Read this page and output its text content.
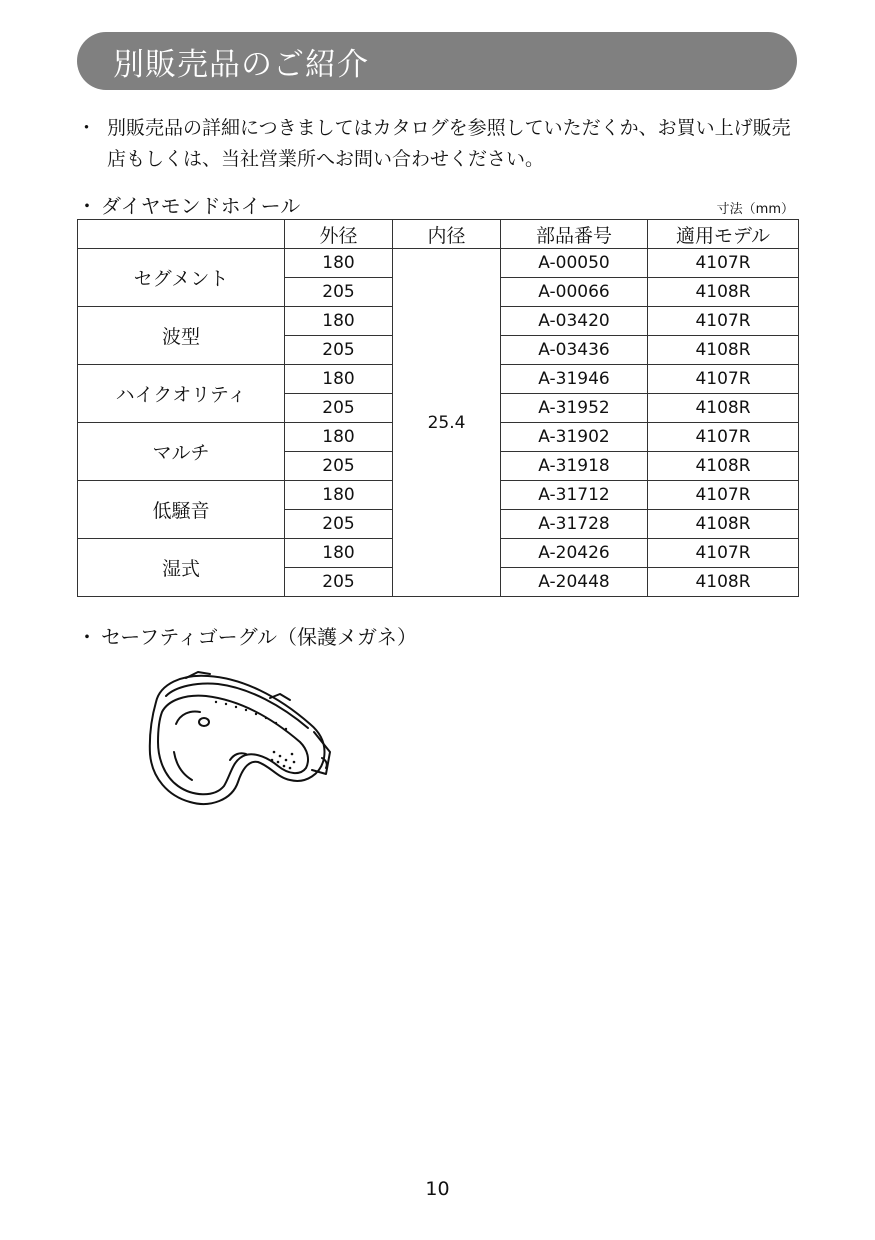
別販売品のご紹介
・ 別販売品の詳細につきましてはカタログを参照していただくか、お買い上げ販売店もしくは、当社営業所へお問い合わせください。
・ ダイヤモンドホイール	寸法（mm）
	外径	内径	部品番号	適用モデル
セグメント	180	25.4	A-00050	4107R
	205		A-00066	4108R
波型	180		A-03420	4107R
	205		A-03436	4108R
ハイクオリティ	180		A-31946	4107R
	205		A-31952	4108R
マルチ	180		A-31902	4107R
	205		A-31918	4108R
低騒音	180		A-31712	4107R
	205		A-31728	4108R
湿式	180		A-20426	4107R
	205		A-20448	4108R
・ セーフティゴーグル（保護メガネ）
10
